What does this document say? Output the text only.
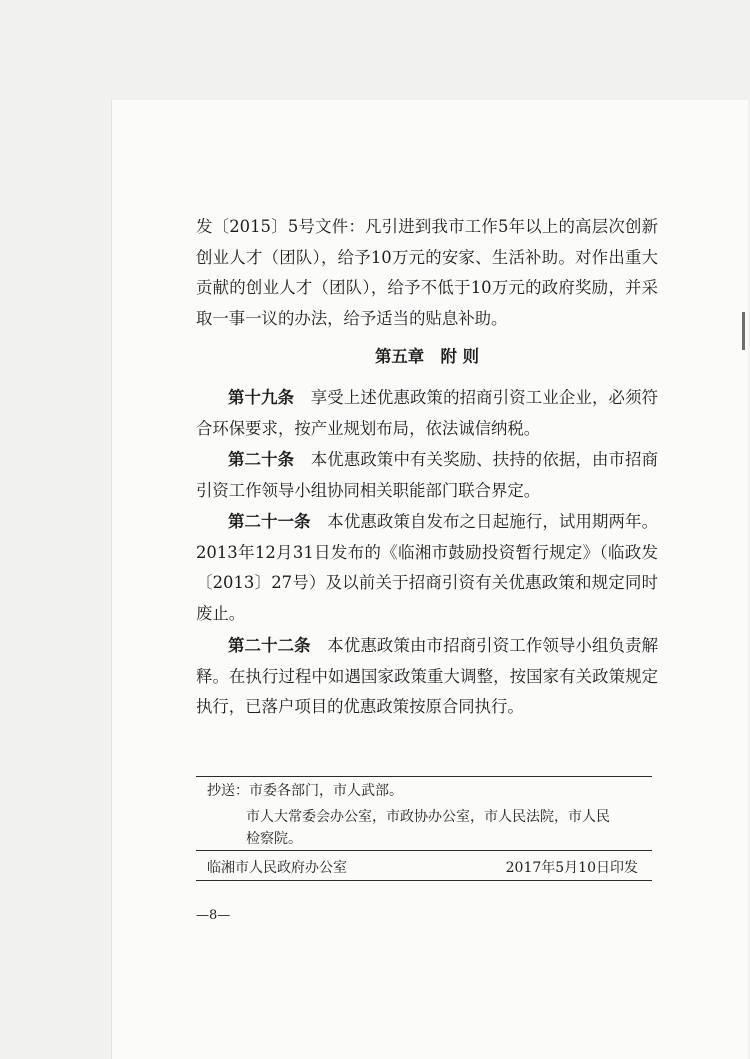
发〔2015〕5号文件：凡引进到我市工作5年以上的高层次创新创业人才（团队），给予10万元的安家、生活补助。对作出重大贡献的创业人才（团队），给予不低于10万元的政府奖励，并采取一事一议的办法，给予适当的贴息补助。

第五章　附 则

第十九条　 享受上述优惠政策的招商引资工业企业，必须符合环保要求，按产业规划布局，依法诚信纳税。

第二十条　 本优惠政策中有关奖励、扶持的依据，由市招商引资工作领导小组协同相关职能部门联合界定。

第二十一条　 本优惠政策自发布之日起施行，试用期两年。2013年12月31日发布的《临湘市鼓励投资暂行规定》（临政发〔2013〕27号）及以前关于招商引资有关优惠政策和规定同时废止。

第二十二条　 本优惠政策由市招商引资工作领导小组负责解释。在执行过程中如遇国家政策重大调整，按国家有关政策规定执行，已落户项目的优惠政策按原合同执行。

抄送：市委各部门，市人武部。

市人大常委会办公室，市政协办公室，市人民法院，市人民

检察院。

临湘市人民政府办公室	2017年5月10日印发

—8—
